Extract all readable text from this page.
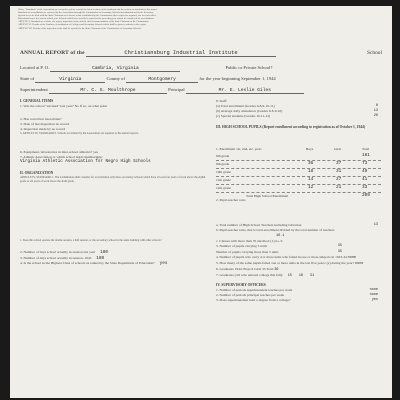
Where "Standards" of the Association are referred to, please consult the latest revision of the standards and the section on standards in this report.
Standards of accreditation are enforced by the Association through the Commission on Secondary Schools and administered by the Secretary.
Reports are to be filed with the State Chairman on or before a date established by the Commission; three copies are required, one for each office.
Data should cover the current school year. Schools which have not filed a report for the preceding year cannot be considered for accreditation.
ARTICLE V. Standards as a whole, the report, inspection visits, and the final recommendation of the State Chairman of the Commission.
ARTICLE VI. Results of the Southern Accreditation of Colleges and Secondary Schools which shall be given to schools in the region.
ARTICLE VII. Results of the inspection visits shall be reported to the State Chairman of the Commission on Secondary Schools.
ANNUAL REPORT of the	Christiansburg Industrial Institute	School
Located at P. O.	Cambria, Virginia	Public or Private School?
State of	Virginia	County of	Montgomery	for the year beginning September 1, 1944
Superintendent	Mr. C. G. Moulthrope	Principal	Mr. E. Leslie Giles
I. GENERAL ITEMS
1. Was the school "excused" last year? No If so, on what point
2. Has correction been made?
3. Date of last inspection no record
4. Inspection made by no record
5. ARTICLE IV, STANDARD 9. Schools accredited by the Association are required to file annual reports.
6. Equipment, laboratories in inter-school athletics? yes
7. Athletic Association or which school holds membership:
Virginia Athletic Association for Negro High Schools
II. ORGANIZATION
ARTICLE IV, STANDARD 1. The Commission shall consider for accreditation only those secondary schools which have at least four years of work above the eighth grade or six years of work above the sixth grade.
1. Does this school operate the double session, a half session, or the secondary school in the same building with other schools?
2. Number of days school actually in session last year 180
3. Number of days school actually in session, 1945 180
4. Is the school in the Highest Class of schools as ranked by the State Department of Education? yes
8. Staff:
(a) Total enrollment (Grades 6-8-9-10-11)	6
(b) Average daily attendance (Grades 6-8-9-10)	13
(c) Special students (Grades 10-11-12)	20
III. HIGH SCHOOL PUPILS (Report enrollment according to registration as of October 1, 1944)
1. Enrollment 1st, 2nd, etc. year:	Boys	Girls	Total
8th grade	161
9th grade	36	37	73
10th grade	18	31	49
11th grade	14	27	41
12th grade	12	21	33
Total High School Enrollment	209
2. Pupil-teacher ratio
a. Total number of High School Teachers including Librarian	13
b. Pupil-teacher ratio, that is total enrollment divided by the total number of teachers
16.1
c. Classes with more than 35 enrolled: (1) no. 9
3. Number of pupils carrying 5 units	35
Number of pupils carrying more than 5 units	35
4. Number of pupils who carry 4 or more units who failed in one or more subjects in 1943-44 none
5. How many of the same pupils failed one or more units in the last five years: (a) during the year? none
6. Graduates 1944: Boys 6 Girls 33 Total 36
7. Graduates (old who entered college this fall): 15 16 31
IV. SUPERVISORY OFFICERS
1. Number of periods superintendent teaches per week	none
2. Number of periods principal teaches per week	none
3. Does superintendent hold a degree from a college?	yes
